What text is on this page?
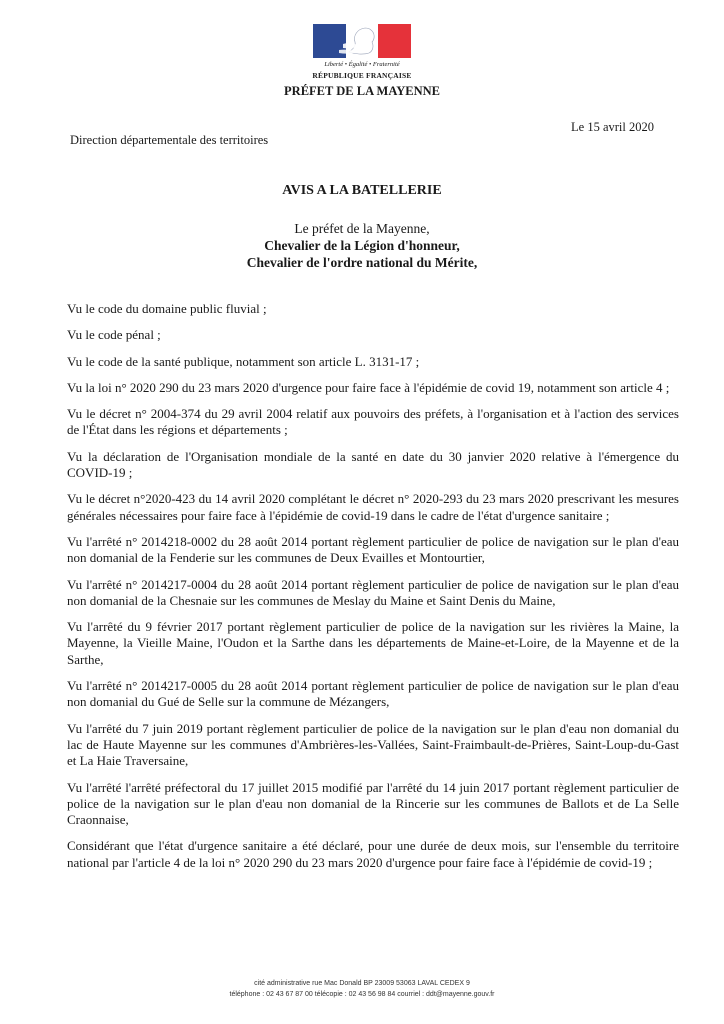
Liberté • Égalité • Fraternité
RÉPUBLIQUE FRANÇAISE
PRÉFET DE LA MAYENNE
Le 15 avril 2020
Direction départementale des territoires
AVIS A LA BATELLERIE
Le préfet de la Mayenne,
Chevalier de la Légion d'honneur,
Chevalier de l'ordre national du Mérite,

Vu le code du domaine public fluvial ;

Vu le code pénal ;

Vu le code de la santé publique, notamment son article L. 3131-17 ;

Vu la loi n° 2020 290 du 23 mars 2020 d'urgence pour faire face à l'épidémie de covid 19, notamment son article 4 ;

Vu le décret n° 2004-374 du 29 avril 2004 relatif aux pouvoirs des préfets, à l'organisation et à l'action des services de l'État dans les régions et départements ;

Vu la déclaration de l'Organisation mondiale de la santé en date du 30 janvier 2020 relative à l'émergence du COVID-19 ;

Vu le décret n°2020-423 du 14 avril 2020 complétant le décret n° 2020-293 du 23 mars 2020 prescrivant les mesures générales nécessaires pour faire face à l'épidémie de covid-19 dans le cadre de l'état d'urgence sanitaire ;

Vu l'arrêté n° 2014218-0002 du 28 août 2014 portant règlement particulier de police de navigation sur le plan d'eau non domanial de la Fenderie sur les communes de Deux Evailles et Montourtier,

Vu l'arrêté n° 2014217-0004 du 28 août 2014 portant règlement particulier de police de navigation sur le plan d'eau non domanial de la Chesnaie sur les communes de Meslay du Maine et Saint Denis du Maine,

Vu l'arrêté du 9 février 2017 portant règlement particulier de police de la navigation sur les rivières la Maine, la Mayenne, la Vieille Maine, l'Oudon et la Sarthe dans les départements de Maine-et-Loire, de la Mayenne et de la Sarthe,

Vu l'arrêté n° 2014217-0005 du 28 août 2014 portant règlement particulier de police de navigation sur le plan d'eau non domanial du Gué de Selle sur la commune de Mézangers,

Vu l'arrêté du 7 juin 2019 portant règlement particulier de police de la navigation sur le plan d'eau non domanial du lac de Haute Mayenne sur les communes d'Ambrières-les-Vallées, Saint-Fraimbault-de-Prières, Saint-Loup-du-Gast et La Haie Traversaine,

Vu l'arrêté l'arrêté préfectoral du 17 juillet 2015 modifié par l'arrêté du 14 juin 2017 portant règlement particulier de police de la navigation sur le plan d'eau non domanial de la Rincerie sur les communes de Ballots et de La Selle Craonnaise,

Considérant que l'état d'urgence sanitaire a été déclaré, pour une durée de deux mois, sur l'ensemble du territoire national par l'article 4 de la loi n° 2020 290 du 23 mars 2020 d'urgence pour faire face à l'épidémie de covid-19 ;

cité administrative rue Mac Donald BP 23009 53063 LAVAL CEDEX 9
téléphone : 02 43 67 87 00 télécopie : 02 43 56 98 84 courriel : ddt@mayenne.gouv.fr
